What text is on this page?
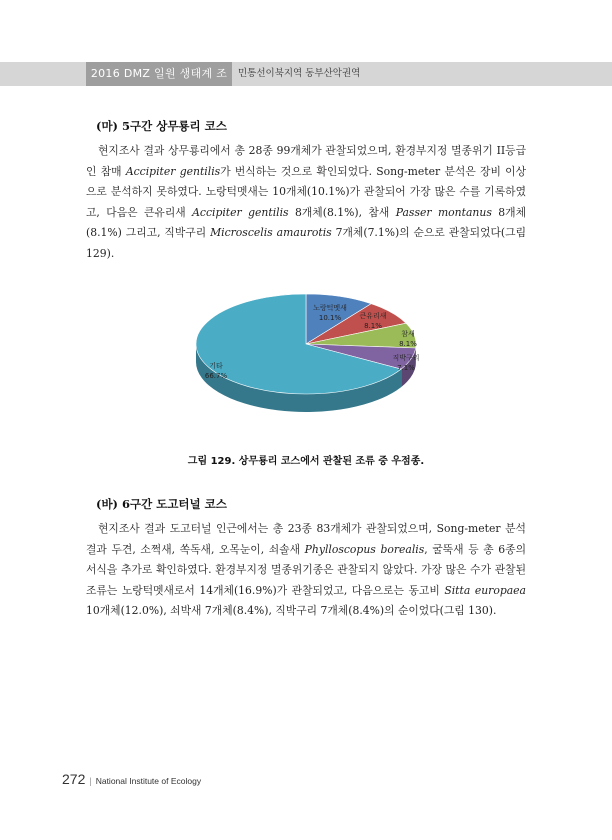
2016 DMZ 일원 생태계 조사
민통선이북지역 동부산악권역
(마) 5구간 상무룡리 코스
현지조사 결과 상무룡리에서 총 28종 99개체가 관찰되었으며, 환경부지정 멸종위기 II등급인 참매 Accipiter gentilis가 번식하는 것으로 확인되었다. Song-meter 분석은 장비 이상으로 분석하지 못하였다. 노랑턱멧새는 10개체(10.1%)가 관찰되어 가장 많은 수를 기록하였고, 다음은 큰유리새 Accipiter gentilis 8개체(8.1%), 참새 Passer montanus 8개체(8.1%) 그리고, 직박구리 Microscelis amaurotis 7개체(7.1%)의 순으로 관찰되었다(그림 129).
노랑턱멧새
10.1%	큰유리새
8.1%
참새
8.1%
직박구리
7.1%
기타
66.7%
그림 129. 상무룡리 코스에서 관찰된 조류 중 우점종.
(바) 6구간 도고터널 코스
현지조사 결과 도고터널 인근에서는 총 23종 83개체가 관찰되었으며, Song-meter 분석 결과 두견, 소쩍새, 쏙독새, 오목눈이, 쇠솔새 Phylloscopus borealis, 굴뚝새 등 총 6종의 서식을 추가로 확인하였다. 환경부지정 멸종위기종은 관찰되지 않았다. 가장 많은 수가 관찰된 조류는 노랑턱멧새로서 14개체(16.9%)가 관찰되었고, 다음으로는 동고비 Sitta europaea 10개체(12.0%), 쇠박새 7개체(8.4%), 직박구리 7개체(8.4%)의 순이었다(그림 130).
272 | National Institute of Ecology
